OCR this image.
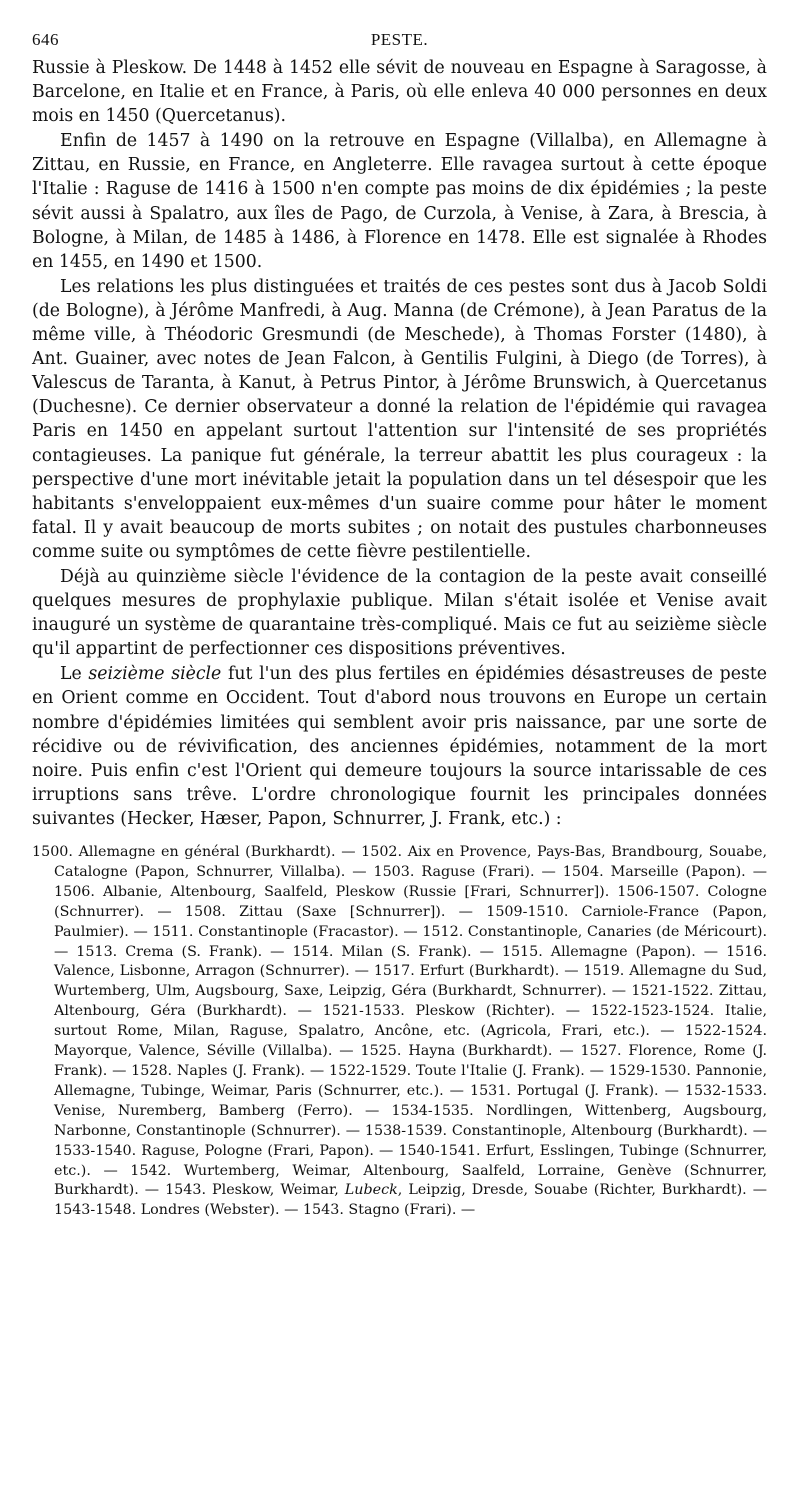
646	PESTE.

Russie à Pleskow. De 1448 à 1452 elle sévit de nouveau en Espagne à Saragosse, à Barcelone, en Italie et en France, à Paris, où elle enleva 40 000 personnes en deux mois en 1450 (Quercetanus).

Enfin de 1457 à 1490 on la retrouve en Espagne (Villalba), en Allemagne à Zittau, en Russie, en France, en Angleterre. Elle ravagea surtout à cette époque l'Italie : Raguse de 1416 à 1500 n'en compte pas moins de dix épidémies ; la peste sévit aussi à Spalatro, aux îles de Pago, de Curzola, à Venise, à Zara, à Brescia, à Bologne, à Milan, de 1485 à 1486, à Florence en 1478. Elle est signalée à Rhodes en 1455, en 1490 et 1500.

Les relations les plus distinguées et traités de ces pestes sont dus à Jacob Soldi (de Bologne), à Jérôme Manfredi, à Aug. Manna (de Crémone), à Jean Paratus de la même ville, à Théodoric Gresmundi (de Meschede), à Thomas Forster (1480), à Ant. Guainer, avec notes de Jean Falcon, à Gentilis Fulgini, à Diego (de Torres), à Valescus de Taranta, à Kanut, à Petrus Pintor, à Jérôme Brunswich, à Quercetanus (Duchesne). Ce dernier observateur a donné la relation de l'épidémie qui ravagea Paris en 1450 en appelant surtout l'attention sur l'intensité de ses propriétés contagieuses. La panique fut générale, la terreur abattit les plus courageux : la perspective d'une mort inévitable jetait la population dans un tel désespoir que les habitants s'enveloppaient eux-mêmes d'un suaire comme pour hâter le moment fatal. Il y avait beaucoup de morts subites ; on notait des pustules charbonneuses comme suite ou symptômes de cette fièvre pestilentielle.

Déjà au quinzième siècle l'évidence de la contagion de la peste avait conseillé quelques mesures de prophylaxie publique. Milan s'était isolée et Venise avait inauguré un système de quarantaine très-compliqué. Mais ce fut au seizième siècle qu'il appartint de perfectionner ces dispositions préventives.

Le seizième siècle fut l'un des plus fertiles en épidémies désastreuses de peste en Orient comme en Occident. Tout d'abord nous trouvons en Europe un certain nombre d'épidémies limitées qui semblent avoir pris naissance, par une sorte de récidive ou de révivification, des anciennes épidémies, notamment de la mort noire. Puis enfin c'est l'Orient qui demeure toujours la source intarissable de ces irruptions sans trêve. L'ordre chronologique fournit les principales données suivantes (Hecker, Hæser, Papon, Schnurrer, J. Frank, etc.) :

1500. Allemagne en général (Burkhardt). — 1502. Aix en Provence, Pays-Bas, Brandbourg, Souabe, Catalogne (Papon, Schnurrer, Villalba). — 1503. Raguse (Frari). — 1504. Marseille (Papon). — 1506. Albanie, Altenbourg, Saalfeld, Pleskow (Russie [Frari, Schnurrer]). 1506-1507. Cologne (Schnurrer). — 1508. Zittau (Saxe [Schnurrer]). — 1509-1510. Carniole-France (Papon, Paulmier). — 1511. Constantinople (Fracastor). — 1512. Constantinople, Canaries (de Méricourt). — 1513. Crema (S. Frank). — 1514. Milan (S. Frank). — 1515. Allemagne (Papon). — 1516. Valence, Lisbonne, Arragon (Schnurrer). — 1517. Erfurt (Burkhardt). — 1519. Allemagne du Sud, Wurtemberg, Ulm, Augsbourg, Saxe, Leipzig, Géra (Burkhardt, Schnurrer). — 1521-1522. Zittau, Altenbourg, Géra (Burkhardt). — 1521-1533. Pleskow (Richter). — 1522-1523-1524. Italie, surtout Rome, Milan, Raguse, Spalatro, Ancône, etc. (Agricola, Frari, etc.). — 1522-1524. Mayorque, Valence, Séville (Villalba). — 1525. Hayna (Burkhardt). — 1527. Florence, Rome (J. Frank). — 1528. Naples (J. Frank). — 1522-1529. Toute l'Italie (J. Frank). — 1529-1530. Pannonie, Allemagne, Tubinge, Weimar, Paris (Schnurrer, etc.). — 1531. Portugal (J. Frank). — 1532-1533. Venise, Nuremberg, Bamberg (Ferro). — 1534-1535. Nordlingen, Wittenberg, Augsbourg, Narbonne, Constantinople (Schnurrer). — 1538-1539. Constantinople, Altenbourg (Burkhardt). — 1533-1540. Raguse, Pologne (Frari, Papon). — 1540-1541. Erfurt, Esslingen, Tubinge (Schnurrer, etc.). — 1542. Wurtemberg, Weimar, Altenbourg, Saalfeld, Lorraine, Genève (Schnurrer, Burkhardt). — 1543. Pleskow, Weimar, Lubeck, Leipzig, Dresde, Souabe (Richter, Burkhardt). — 1543-1548. Londres (Webster). — 1543. Stagno (Frari). —
